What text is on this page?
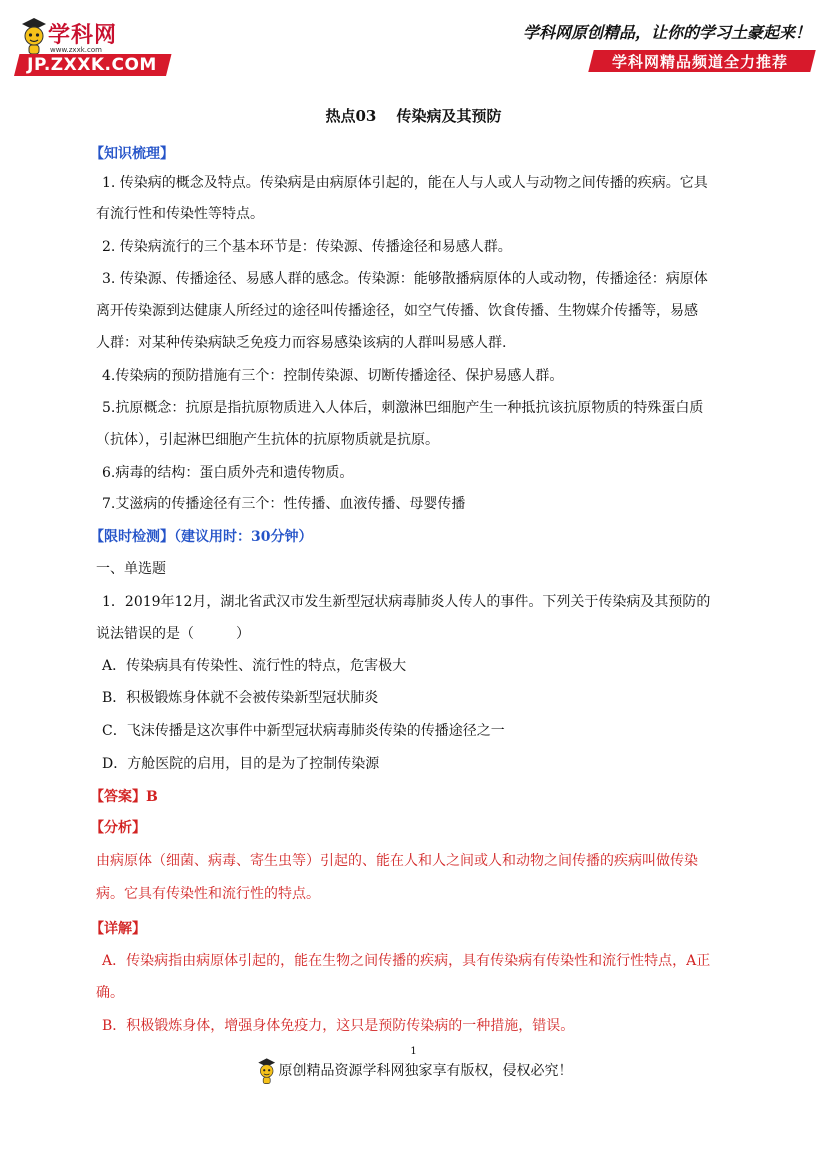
学科网
www.zxxk.com
JP.ZXXK.COM
学科网原创精品，让你的学习土豪起来！
学科网精品频道全力推荐
热点03　 传染病及其预防
【知识梳理】
1. 传染病的概念及特点。传染病是由病原体引起的，能在人与人或人与动物之间传播的疾病。它具
有流行性和传染性等特点。
2. 传染病流行的三个基本环节是：传染源、传播途径和易感人群。
3. 传染源、传播途径、易感人群的感念。传染源：能够散播病原体的人或动物，传播途径：病原体
离开传染源到达健康人所经过的途径叫传播途径，如空气传播、饮食传播、生物媒介传播等，易感
人群：对某种传染病缺乏免疫力而容易感染该病的人群叫易感人群.
4.传染病的预防措施有三个：控制传染源、切断传播途径、保护易感人群。
5.抗原概念：抗原是指抗原物质进入人体后，刺激淋巴细胞产生一种抵抗该抗原物质的特殊蛋白质
（抗体），引起淋巴细胞产生抗体的抗原物质就是抗原。
6.病毒的结构：蛋白质外壳和遗传物质。
7.艾滋病的传播途径有三个：性传播、血液传播、母婴传播
【限时检测】（建议用时：30分钟）
一、单选题
1．2019年12月，湖北省武汉市发生新型冠状病毒肺炎人传人的事件。下列关于传染病及其预防的
说法错误的是（　　　）
A．传染病具有传染性、流行性的特点，危害极大
B．积极锻炼身体就不会被传染新型冠状肺炎
C．飞沫传播是这次事件中新型冠状病毒肺炎传染的传播途径之一
D．方舱医院的启用，目的是为了控制传染源
【答案】B
【分析】
由病原体（细菌、病毒、寄生虫等）引起的、能在人和人之间或人和动物之间传播的疾病叫做传染
病。它具有传染性和流行性的特点。
【详解】
A．传染病指由病原体引起的，能在生物之间传播的疾病，具有传染病有传染性和流行性特点，A正
确。
B．积极锻炼身体，增强身体免疫力，这只是预防传染病的一种措施，错误。
1
原创精品资源学科网独家享有版权，侵权必究！
